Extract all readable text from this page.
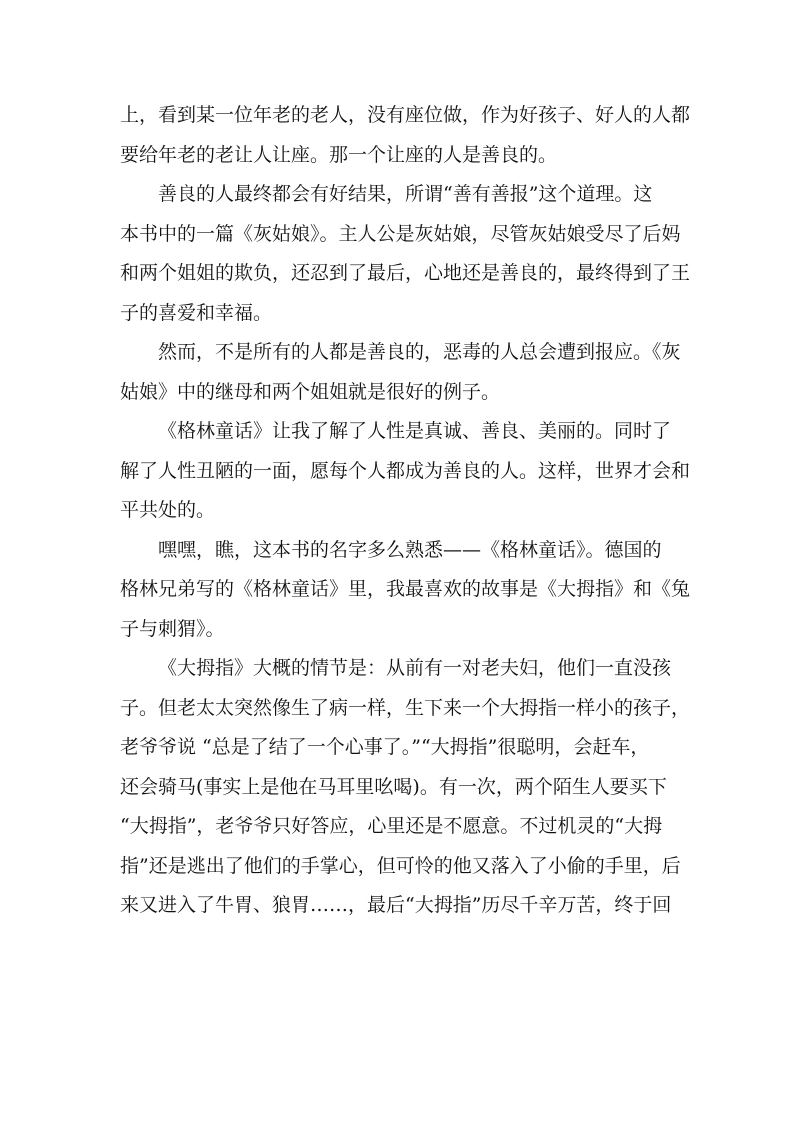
上，看到某一位年老的老人，没有座位做，作为好孩子、好人的人都
要给年老的老让人让座。那一个让座的人是善良的。

善良的人最终都会有好结果，所谓“善有善报”这个道理。这
本书中的一篇《灰姑娘》。主人公是灰姑娘，尽管灰姑娘受尽了后妈
和两个姐姐的欺负，还忍到了最后，心地还是善良的，最终得到了王
子的喜爱和幸福。

然而，不是所有的人都是善良的，恶毒的人总会遭到报应。《灰
姑娘》中的继母和两个姐姐就是很好的例子。

《格林童话》让我了解了人性是真诚、善良、美丽的。同时了
解了人性丑陋的一面，愿每个人都成为善良的人。这样，世界才会和
平共处的。

嘿嘿，瞧，这本书的名字多么熟悉——《格林童话》。德国的
格林兄弟写的《格林童话》里，我最喜欢的故事是《大拇指》和《兔
子与刺猬》。

《大拇指》大概的情节是：从前有一对老夫妇，他们一直没孩
子。但老太太突然像生了病一样，生下来一个大拇指一样小的孩子，
老爷爷说 “总是了结了一个心事了。”“大拇指”很聪明，会赶车，
还会骑马(事实上是他在马耳里吆喝)。有一次，两个陌生人要买下
“大拇指”，老爷爷只好答应，心里还是不愿意。不过机灵的“大拇
指”还是逃出了他们的手掌心，但可怜的他又落入了小偷的手里，后
来又进入了牛胃、狼胃……，最后“大拇指”历尽千辛万苦，终于回
